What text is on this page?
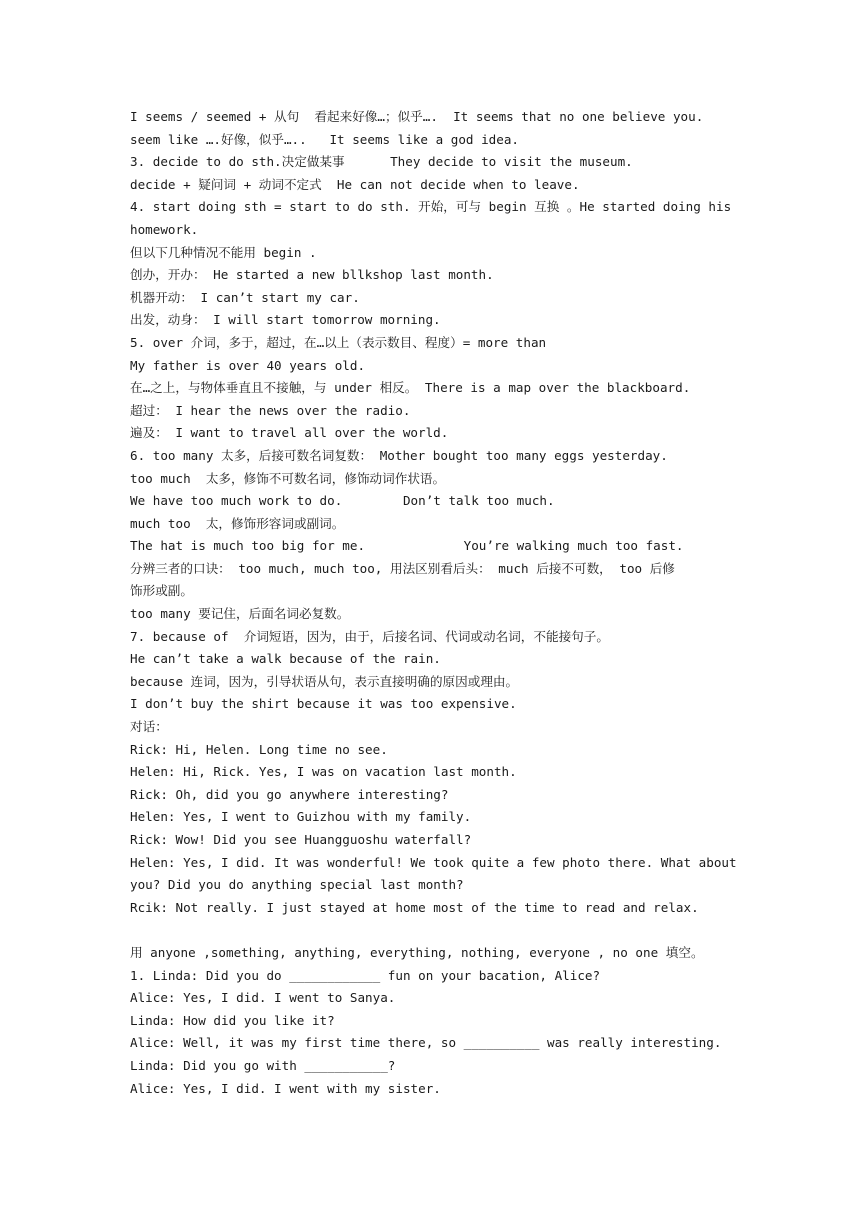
I seems / seemed + 从句  看起来好像…；似乎….  It seems that no one believe you.
seem like ….好像，似乎…..   It seems like a god idea.
3. decide to do sth.决定做某事      They decide to visit the museum.
decide + 疑问词 + 动词不定式  He can not decide when to leave.
4. start doing sth = start to do sth. 开始，可与 begin 互换 。He started doing his
homework.
但以下几种情况不能用 begin .
创办，开办： He started a new bllkshop last month.
机器开动： I can’t start my car.
出发，动身： I will start tomorrow morning.
5. over 介词，多于，超过，在…以上（表示数目、程度）= more than
My father is over 40 years old.
在…之上，与物体垂直且不接触，与 under 相反。 There is a map over the blackboard.
超过： I hear the news over the radio.
遍及： I want to travel all over the world.
6. too many 太多，后接可数名词复数： Mother bought too many eggs yesterday.
too much  太多，修饰不可数名词，修饰动词作状语。
We have too much work to do.        Don’t talk too much.
much too  太，修饰形容词或副词。
The hat is much too big for me.             You’re walking much too fast.
分辨三者的口诀： too much, much too, 用法区别看后头： much 后接不可数， too 后修
饰形或副。
too many 要记住，后面名词必复数。
7. because of  介词短语，因为，由于，后接名词、代词或动名词，不能接句子。
He can’t take a walk because of the rain.
because 连词，因为，引导状语从句，表示直接明确的原因或理由。
I don’t buy the shirt because it was too expensive.
对话：
Rick: Hi, Helen. Long time no see.
Helen: Hi, Rick. Yes, I was on vacation last month.
Rick: Oh, did you go anywhere interesting?
Helen: Yes, I went to Guizhou with my family.
Rick: Wow! Did you see Huangguoshu waterfall?
Helen: Yes, I did. It was wonderful! We took quite a few photo there. What about
you? Did you do anything special last month?
Rcik: Not really. I just stayed at home most of the time to read and relax.
用 anyone ,something, anything, everything, nothing, everyone , no one 填空。
1. Linda: Did you do ____________ fun on your bacation, Alice?
Alice: Yes, I did. I went to Sanya.
Linda: How did you like it?
Alice: Well, it was my first time there, so __________ was really interesting.
Linda: Did you go with ___________?
Alice: Yes, I did. I went with my sister.
